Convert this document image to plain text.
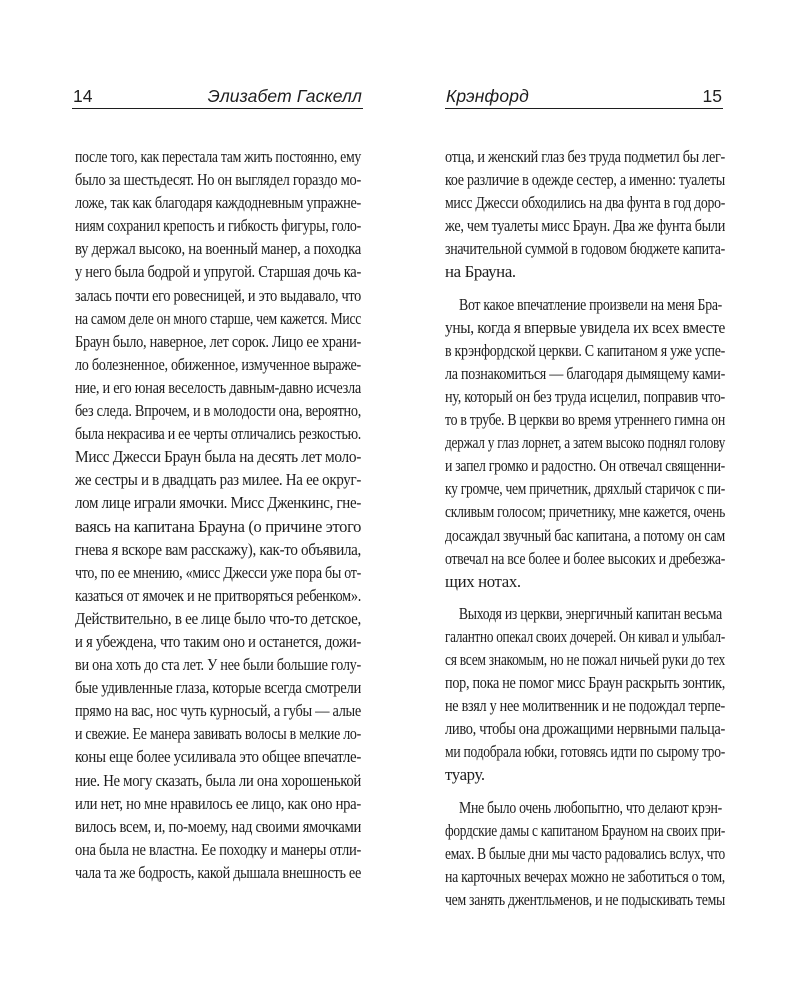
14	Элизабет Гаскелл
после того, как перестала там жить постоянно, ему
было за шестьдесят. Но он выглядел гораздо мо-
ложе, так как благодаря каждодневным упражне-
ниям сохранил крепость и гибкость фигуры, голо-
ву держал высоко, на военный манер, а походка
у него была бодрой и упругой. Старшая дочь ка-
залась почти его ровесницей, и это выдавало, что
на самом деле он много старше, чем кажется. Мисс
Браун было, наверное, лет сорок. Лицо ее храни-
ло болезненное, обиженное, измученное выраже-
ние, и его юная веселость давным-давно исчезла
без следа. Впрочем, и в молодости она, вероятно,
была некрасива и ее черты отличались резкостью.
Мисс Джесси Браун была на десять лет моло-
же сестры и в двадцать раз милее. На ее округ-
лом лице играли ямочки. Мисс Дженкинс, гне-
ваясь на капитана Брауна (о причине этого
гнева я вскоре вам расскажу), как-то объявила,
что, по ее мнению, «мисс Джесси уже пора бы от-
казаться от ямочек и не притворяться ребенком».
Действительно, в ее лице было что-то детское,
и я убеждена, что таким оно и останется, дожи-
ви она хоть до ста лет. У нее были большие голу-
бые удивленные глаза, которые всегда смотрели
прямо на вас, нос чуть курносый, а губы — алые
и свежие. Ее манера завивать волосы в мелкие ло-
коны еще более усиливала это общее впечатле-
ние. Не могу сказать, была ли она хорошенькой
или нет, но мне нравилось ее лицо, как оно нра-
вилось всем, и, по-моему, над своими ямочками
она была не властна. Ее походку и манеры отли-
чала та же бодрость, какой дышала внешность ее
Крэнфорд	15
отца, и женский глаз без труда подметил бы лег-
кое различие в одежде сестер, а именно: туалеты
мисс Джесси обходились на два фунта в год доро-
же, чем туалеты мисс Браун. Два же фунта были
значительной суммой в годовом бюджете капита-
на Брауна.
Вот какое впечатление произвели на меня Бра-
уны, когда я впервые увидела их всех вместе
в крэнфордской церкви. С капитаном я уже успе-
ла познакомиться — благодаря дымящему ками-
ну, который он без труда исцелил, поправив что-
то в трубе. В церкви во время утреннего гимна он
держал у глаз лорнет, а затем высоко поднял голову
и запел громко и радостно. Он отвечал священни-
ку громче, чем причетник, дряхлый старичок с пи-
скливым голосом; причетнику, мне кажется, очень
досаждал звучный бас капитана, а потому он сам
отвечал на все более и более высоких и дребезжа-
щих нотах.
Выходя из церкви, энергичный капитан весьма
галантно опекал своих дочерей. Он кивал и улыбал-
ся всем знакомым, но не пожал ничьей руки до тех
пор, пока не помог мисс Браун раскрыть зонтик,
не взял у нее молитвенник и не подождал терпе-
ливо, чтобы она дрожащими нервными пальца-
ми подобрала юбки, готовясь идти по сырому тро-
туару.
Мне было очень любопытно, что делают крэн-
фордские дамы с капитаном Брауном на своих при-
емах. В былые дни мы часто радовались вслух, что
на карточных вечерах можно не заботиться о том,
чем занять джентльменов, и не подыскивать темы
